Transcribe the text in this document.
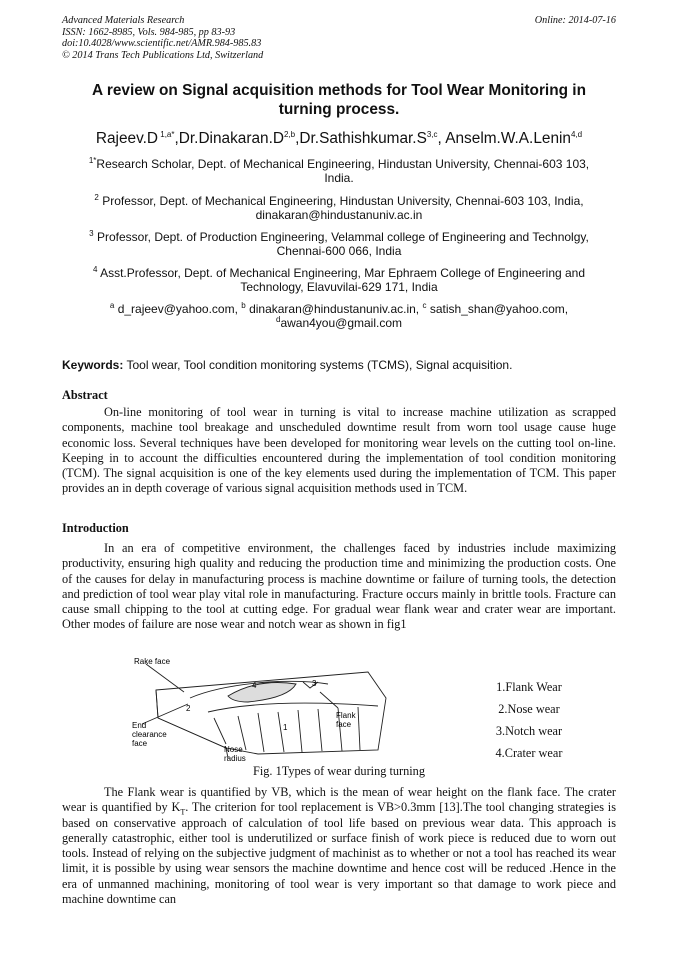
Advanced Materials Research
ISSN: 1662-8985, Vols. 984-985, pp 83-93
doi:10.4028/www.scientific.net/AMR.984-985.83
© 2014 Trans Tech Publications Ltd, Switzerland
Online: 2014-07-16
A review on Signal acquisition methods for Tool Wear Monitoring in
turning process.
Rajeev.D $^{1,a*},Dr.Dinakaran.D^{2,b},Dr.Sathishkumar.S^{3,c}$, Anselm.W.A.Lenin$^{4,d}$
$^{1*}$Research Scholar, Dept. of Mechanical Engineering, Hindustan University, Chennai-603 103,
India.
$^2$ Professor, Dept. of Mechanical Engineering, Hindustan University, Chennai-603 103, India,
dinakaran@hindustanuniv.ac.in
$^3$ Professor, Dept. of Production Engineering, Velammal college of Engineering and Technolgy,
Chennai-600 066, India
$^4$ Asst.Professor, Dept. of Mechanical Engineering, Mar Ephraem College of Engineering and
Technology, Elavuvilai-629 171, India
$^a$ d_rajeev@yahoo.com, $^b$ dinakaran@hindustanuniv.ac.in, $^c$ satish_shan@yahoo.com,
$^d$awan4you@gmail.com
Keywords: Tool wear, Tool condition monitoring systems (TCMS), Signal acquisition.
Abstract
On-line monitoring of tool wear in turning is vital to increase machine utilization as scrapped components, machine tool breakage and unscheduled downtime result from worn tool usage cause huge economic loss. Several techniques have been developed for monitoring wear levels on the cutting tool on-line. Keeping in to account the difficulties encountered during the implementation of tool condition monitoring (TCM). The signal acquisition is one of the key elements used during the implementation of TCM. This paper provides an in depth coverage of various signal acquisition methods used in TCM.
Introduction
In an era of competitive environment, the challenges faced by industries include maximizing productivity, ensuring high quality and reducing the production time and minimizing the production costs. One of the causes for delay in manufacturing process is machine downtime or failure of turning tools, the detection and prediction of tool wear play vital role in manufacturing. Fracture occurs mainly in brittle tools. Fracture can cause small chipping to the tool at cutting edge. For gradual wear flank wear and crater wear are important. Other modes of failure are nose wear and notch wear as shown in fig1
Rake face
End
clearance
face
Nose
radius
Flank
face
4
2
3
1
1.Flank Wear
2.Nose wear
3.Notch wear
4.Crater wear
Fig. 1Types of wear during turning
The Flank wear is quantified by VB, which is the mean of wear height on the flank face. The crater wear is quantified by $K_T$. The criterion for tool replacement is VB>0.3mm [13].The tool changing strategies is based on conservative approach of calculation of tool life based on previous wear data. This approach is generally catastrophic, either tool is underutilized or surface finish of work piece is reduced due to worn out tools. Instead of relying on the subjective judgment of machinist as to whether or not a tool has reached its wear limit, it is possible by using wear sensors the machine downtime and hence cost will be reduced .Hence in the era of unmanned machining, monitoring of tool wear is very important so that damage to work piece and machine downtime can
